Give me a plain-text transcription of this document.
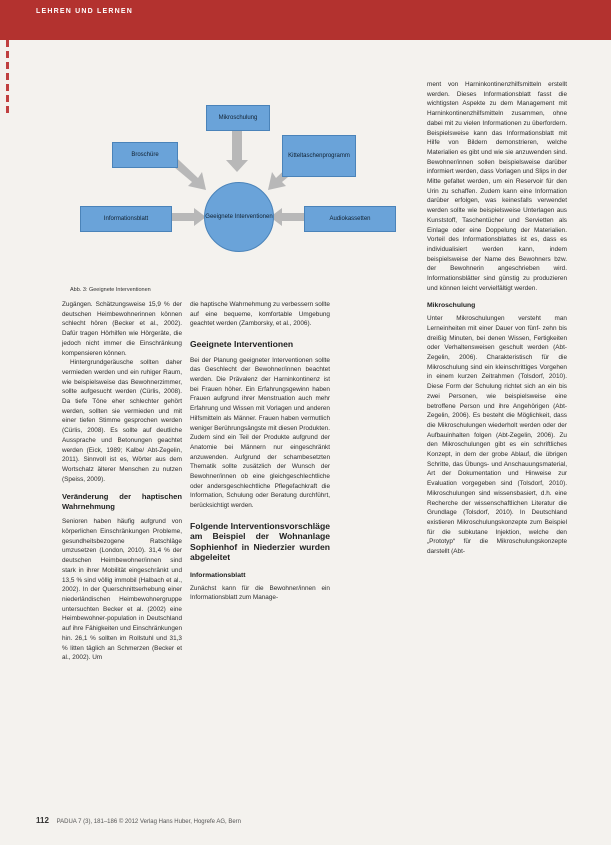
LEHREN UND LERNEN
Mikroschulung
Broschüre	Kitteltaschenprogramm
Informationsblatt	Audiokassetten
Geeignete Interventionen
Abb. 3: Geeignete Interventionen

Zugängen. Schätzungsweise 15,9 % der deutschen Heimbewohnerinnen können schlecht hören (Becker et al., 2002). Dafür tragen Hörhilfen wie Hörgeräte, die jedoch nicht immer die Einschränkung kompensieren können.

Hintergrundgeräusche sollten daher vermieden werden und ein ruhiger Raum, wie beispielsweise das Bewohnerzimmer, sollte aufgesucht werden (Cürlis, 2008). Da tiefe Töne eher schlechter gehört werden, sollten sie vermieden und mit einer tiefen Stimme gesprochen werden (Cürlis, 2008). Es sollte auf deutliche Aussprache und Betonungen geachtet werden (Eick, 1989; Kalbe/ Abt-Zegelin, 2011). Sinnvoll ist es, Wörter aus dem Wortschatz älterer Menschen zu nutzen (Speiss, 2009).

Veränderung der haptischen Wahrnehmung

Senioren haben häufig aufgrund von körperlichen Einschränkungen Probleme, gesundheitsbezogene Ratschläge umzusetzen (London, 2010). 31,4 % der deutschen Heimbewohner/innen sind stark in ihrer Mobilität eingeschränkt und 13,5 % sind völlig immobil (Halbach et al., 2002). In der Querschnittserhebung einer niederländischen Heimbewohnergruppe untersuchten Becker et al. (2002) eine Heimbewohner-population in Deutschland auf ihre Fähigkeiten und Einschränkungen hin. 26,1 % sollten im Rollstuhl und 31,3 % litten täglich an Schmerzen (Becker et al., 2002). Um

die haptische Wahrnehmung zu verbessern sollte auf eine bequeme, komfortable Umgebung geachtet werden (Zamborsky, et al., 2006).

Geeignete Interventionen

Bei der Planung geeigneter Interventionen sollte das Geschlecht der Bewohner/innen beachtet werden. Die Prävalenz der Harninkontinenz ist bei Frauen höher. Ein Erfahrungsgewinn haben Frauen aufgrund ihrer Menstruation auch mehr Erfahrung und Wissen mit Vorlagen und anderen Hilfsmitteln als Männer. Frauen haben vermutlich weniger Berührungsängste mit diesen Produkten. Zudem sind ein Teil der Produkte aufgrund der Anatomie bei Männern nur eingeschränkt anzuwenden. Aufgrund der schambesetzten Thematik sollte zusätzlich der Wunsch der Bewohner/innen ob eine gleichgeschlechtliche oder andersgeschlechtliche Pflegefachkraft die Information, Schulung oder Beratung durchführt, berücksichtigt werden.

Folgende Interventionsvorschläge am Beispiel der Wohnanlage Sophienhof in Niederzier wurden abgeleitet
Informationsblatt

Zunächst kann für die Bewohner/innen ein Informationsblatt zum Manage-

ment von Harninkontinenzhilfsmitteln erstellt werden. Dieses Informationsblatt fasst die wichtigsten Aspekte zu dem Management mit Harninkontinenzhilfsmitteln zusammen, ohne dabei mit zu vielen Informationen zu überfordern. Beispielsweise kann das Informationsblatt mit Hilfe von Bildern demonstrieren, welche Materialien es gibt und wie sie anzuwenden sind. Bewohner/innen sollen beispielsweise darüber informiert werden, dass Vorlagen und Slips in der Mitte gefaltet werden, um ein Reservoir für den Urin zu schaffen. Zudem kann eine Information darüber erfolgen, was keinesfalls verwendet werden sollte wie beispielsweise Unterlagen aus Kunststoff, Taschentücher und Servietten als Einlage oder eine Doppelung der Materialien. Vorteil des Informationsblattes ist es, dass es individualisiert werden kann, indem beispielsweise der Name des Bewohners bzw. der Bewohnerin angeschrieben wird. Informationsblätter sind günstig zu produzieren und können leicht vervielfältigt werden.

Mikroschulung

Unter Mikroschulungen versteht man Lerneinheiten mit einer Dauer von fünf- zehn bis dreißig Minuten, bei denen Wissen, Fertigkeiten oder Verhaltensweisen geschult werden (Abt-Zegelin, 2006). Charakteristisch für die Mikroschulung sind ein kleinschrittiges Vorgehen in einem kurzen Zeitrahmen (Tolsdorf, 2010). Diese Form der Schulung richtet sich an ein bis zwei Personen, wie beispielsweise eine betroffene Person und ihre Angehörigen (Abt-Zegelin, 2006). Es besteht die Möglichkeit, dass die Mikroschulungen wiederholt werden oder der Aufbauinhalten folgen (Abt-Zegelin, 2006). Zu den Mikroschulungen gibt es ein schriftliches Konzept, in dem der grobe Ablauf, die übrigen Schritte, das Übungs- und Anschauungsmaterial, Art der Dokumentation und Hinweise zur Evaluation vorgegeben sind (Tolsdorf, 2010). Mikroschulungen sind wissensbasiert, d.h. eine Recherche der wissenschaftlichen Literatur die Grundlage (Tolsdorf, 2010). In Deutschland existieren Mikroschulungskonzepte zum Beispiel für die subkutane Injektion, welche den „Prototyp“ für die Mikroschulungskonzepte darstellt (Abt-

112 PADUA 7 (3), 181–186 © 2012 Verlag Hans Huber, Hogrefe AG, Bern
